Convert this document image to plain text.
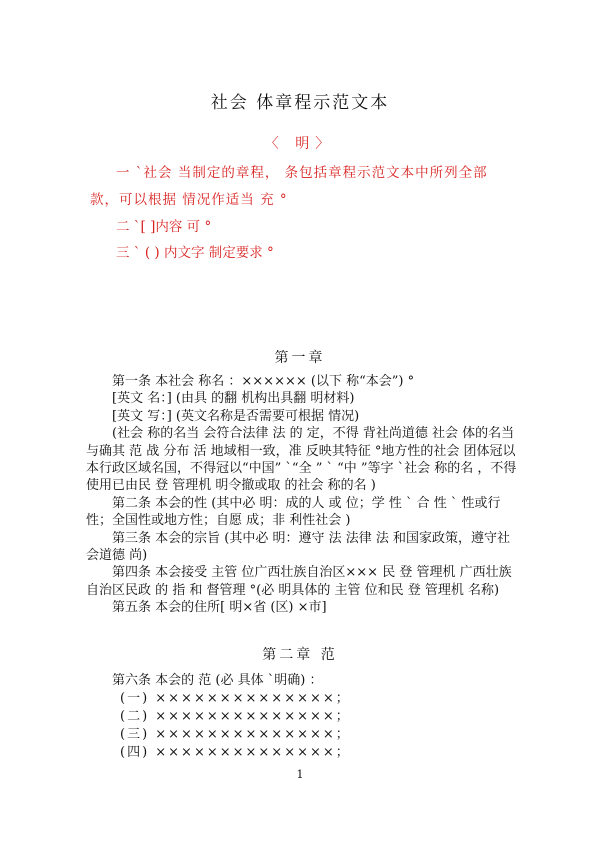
社会 体章程示范文本
〈 明〉
一 `社会 当制定的章程， 条包括章程示范文本中所列全部款，可以根据 情况作适当 充 °
二 `[ ]内容 可 °
三 ` ( ) 内文字 制定要求 °
第一章

第一条 本社会 称名 ：×××××× (以下 称“本会”) °

[英文 名：] (由具 的翻 机构出具翻 明材料)

[英文 写：] (英文名称是否需要可根据 情况)

(社会 称的名当 会符合法律 法 的 定，不得 背社尚道德 社会 体的名当与确其 范 战 分布 活 地域相一致，准 反映其特征 °地方性的社会 团体冠以本行政区域名国，不得冠以“中国” `“全 ” ` “中 ”等字 `社会 称的名 ，不得使用已由民 登 管理机 明令撤或取 的社会 称的名 )

第二条 本会的性 (其中必 明：成的人 或 位；学 性 ` 合 性 ` 性或行 性；全国性或地方性；自愿 成；非 利性社会 )

第三条 本会的宗旨 (其中必 明：遵守 法 法律 法 和国家政策，遵守社会道德 尚)

第四条 本会接受 主管 位广西壮族自治区××× 民 登 管理机 广西壮族自治区民政 的 指 和 督管理 °(必 明具体的 主管 位和民 登 管理机 名称)

第五条 本会的住所[ 明×省 (区) ×市]

第二章 范

第六条 本会的 范 (必 具体 `明确) ：

(一) ××××××××××××××；

(二) ××××××××××××××；

(三) ××××××××××××××；

(四) ××××××××××××××；

1
